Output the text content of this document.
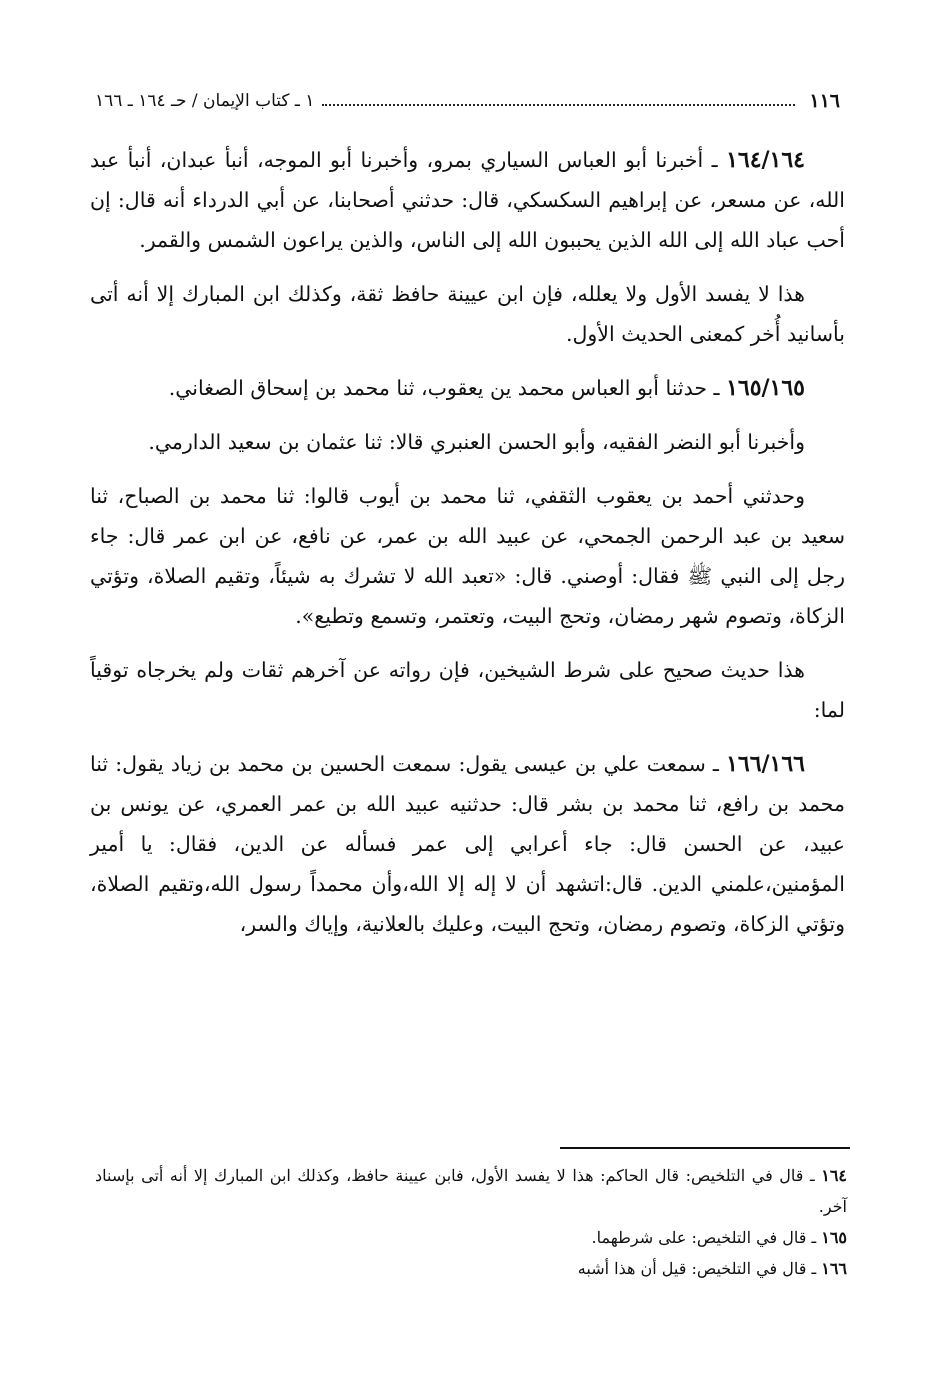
١١٦
١ ـ كتاب الإيمان / حـ ١٦٤ ـ ١٦٦

١٦٤/١٦٤ ـ أخبرنا أبو العباس السياري بمرو، وأخبرنا أبو الموجه، أنبأ عبدان، أنبأ عبد الله، عن مسعر، عن إبراهيم السكسكي، قال: حدثني أصحابنا، عن أبي الدرداء أنه قال: إن أحب عباد الله إلى الله الذين يحببون الله إلى الناس، والذين يراعون الشمس والقمر.

هذا لا يفسد الأول ولا يعلله، فإن ابن عيينة حافظ ثقة، وكذلك ابن المبارك إلا أنه أتى بأسانيد أُخر كمعنى الحديث الأول.

١٦٥/١٦٥ ـ حدثنا أبو العباس محمد ين يعقوب، ثنا محمد بن إسحاق الصغاني.

وأخبرنا أبو النضر الفقيه، وأبو الحسن العنبري قالا: ثنا عثمان بن سعيد الدارمي.

وحدثني أحمد بن يعقوب الثقفي، ثنا محمد بن أيوب قالوا: ثنا محمد بن الصباح، ثنا سعيد بن عبد الرحمن الجمحي، عن عبيد الله بن عمر، عن نافع، عن ابن عمر قال: جاء رجل إلى النبي ﷺ فقال: أوصني. قال: «تعبد الله لا تشرك به شيئاً، وتقيم الصلاة، وتؤتي الزكاة، وتصوم شهر رمضان، وتحج البيت، وتعتمر، وتسمع وتطيع».

هذا حديث صحيح على شرط الشيخين، فإن رواته عن آخرهم ثقات ولم يخرجاه توقياً لما:

١٦٦/١٦٦ ـ سمعت علي بن عيسى يقول: سمعت الحسين بن محمد بن زياد يقول: ثنا محمد بن رافع، ثنا محمد بن بشر قال: حدثنيه عبيد الله بن عمر العمري، عن يونس بن عبيد، عن الحسن قال: جاء أعرابي إلى عمر فسأله عن الدين، فقال: يا أمير المؤمنين،علمني الدين. قال:اتشهد أن لا إله إلا الله،وأن محمداً رسول الله،وتقيم الصلاة، وتؤتي الزكاة، وتصوم رمضان، وتحج البيت، وعليك بالعلانية، وإياك والسر،

١٦٤ ـ قال في التلخيص: قال الحاكم: هذا لا يفسد الأول، فابن عيينة حافظ، وكذلك ابن المبارك إلا أنه أتى بإسناد آخر.

١٦٥ ـ قال في التلخيص: على شرطهما.

١٦٦ ـ قال في التلخيص: قيل أن هذا أشبه
